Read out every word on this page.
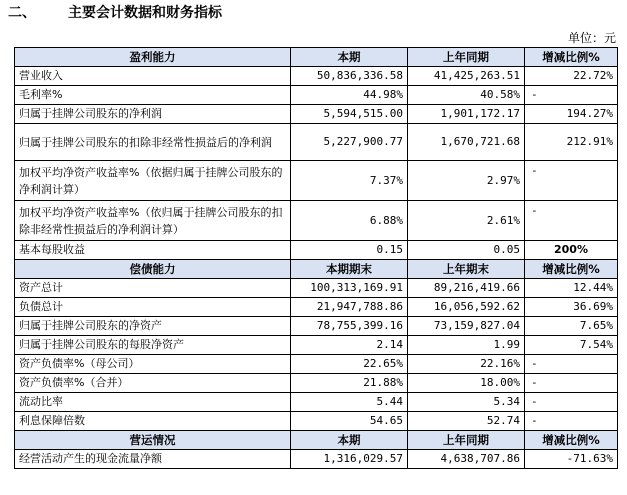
二、 主要会计数据和财务指标
单位：元
盈利能力	本期	上年同期	增减比例%
营业收入	50,836,336.58	41,425,263.51	22.72%
毛利率%	44.98%	40.58%	-
归属于挂牌公司股东的净利润	5,594,515.00	1,901,172.17	194.27%
归属于挂牌公司股东的扣除非经常性损益后的净利润	5,227,900.77	1,670,721.68	212.91%
加权平均净资产收益率%（依据归属于挂牌公司股东的净利润计算）	7.37%	2.97%	-
加权平均净资产收益率%（依归属于挂牌公司股东的扣除非经常性损益后的净利润计算）	6.88%	2.61%	-
基本每股收益	0.15	0.05	200%
偿债能力	本期期末	上年期末	增减比例%
资产总计	100,313,169.91	89,216,419.66	12.44%
负债总计	21,947,788.86	16,056,592.62	36.69%
归属于挂牌公司股东的净资产	78,755,399.16	73,159,827.04	7.65%
归属于挂牌公司股东的每股净资产	2.14	1.99	7.54%
资产负债率%（母公司）	22.65%	22.16%	-
资产负债率%（合并）	21.88%	18.00%	-
流动比率	5.44	5.34	-
利息保障倍数	54.65	52.74	-
营运情况	本期	上年同期	增减比例%
经营活动产生的现金流量净额	1,316,029.57	4,638,707.86	-71.63%
